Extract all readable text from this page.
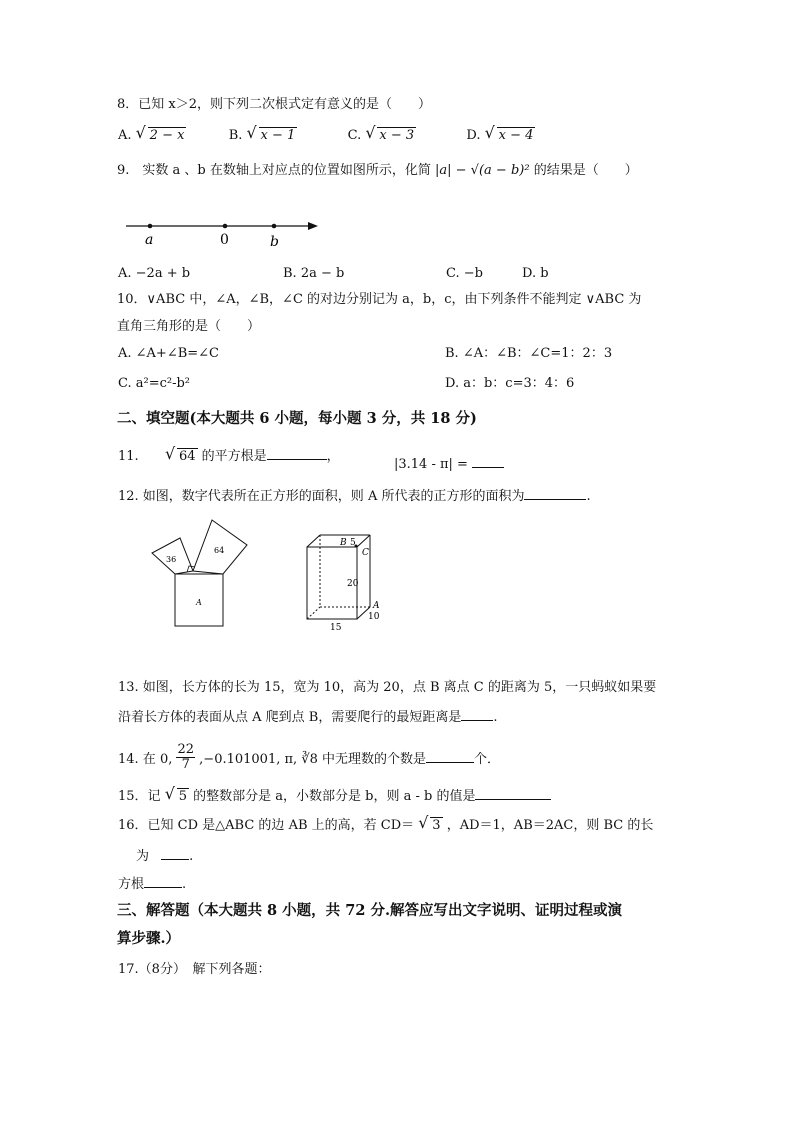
8．已知 x＞2，则下列二次根式定有意义的是（　　）
A. √ 2 − x	B. √ x − 1	C. √ x − 3	D. √ x − 4
9.　实数 a 、b 在数轴上对应点的位置如图所示，化简 |a| − √(a − b)² 的结果是（　　）
a	0	b
A. −2a + b	B. 2a − b	C. −b	D. b
10．∨ABC 中，∠A，∠B，∠C 的对边分别记为 a，b，c，由下列条件不能判定 ∨ABC 为
直角三角形的是（　　）
A. ∠A+∠B=∠C	B. ∠A：∠B：∠C=1：2：3
C. a²=c²-b²	D. a：b：c=3：4：6
二、填空题(本大题共 6 小题，每小题 3 分，共 18 分)
11. √ 64 的平方根是	，
|3.14 - π| =
12. 如图，数字代表所在正方形的面积，则 A 所代表的正方形的面积为	.
36
64
A
B 5
C
20
A
10
15
13. 如图，长方体的长为 15，宽为 10，高为 20，点 B 离点 C 的距离为 5，一只蚂蚁如果要
沿着长方体的表面从点 A 爬到点 B，需要爬行的最短距离是 .
14. 在 0, $\frac{22}{7} ,-0.101001$, π, ∛8 中无理数的个数是	个．
15．记 √ 5 的整数部分是 a，小数部分是 b，则 a - b 的值是
16．已知 CD 是△ABC 的边 AB 上的高，若 CD＝ √ 3 ，AD＝1，AB＝2AC，则 BC 的长
为	.
方根	.
三、解答题（本大题共 8 小题，共 72 分.解答应写出文字说明、证明过程或演
算步骤.）
17.（8分）　解下列各题：
